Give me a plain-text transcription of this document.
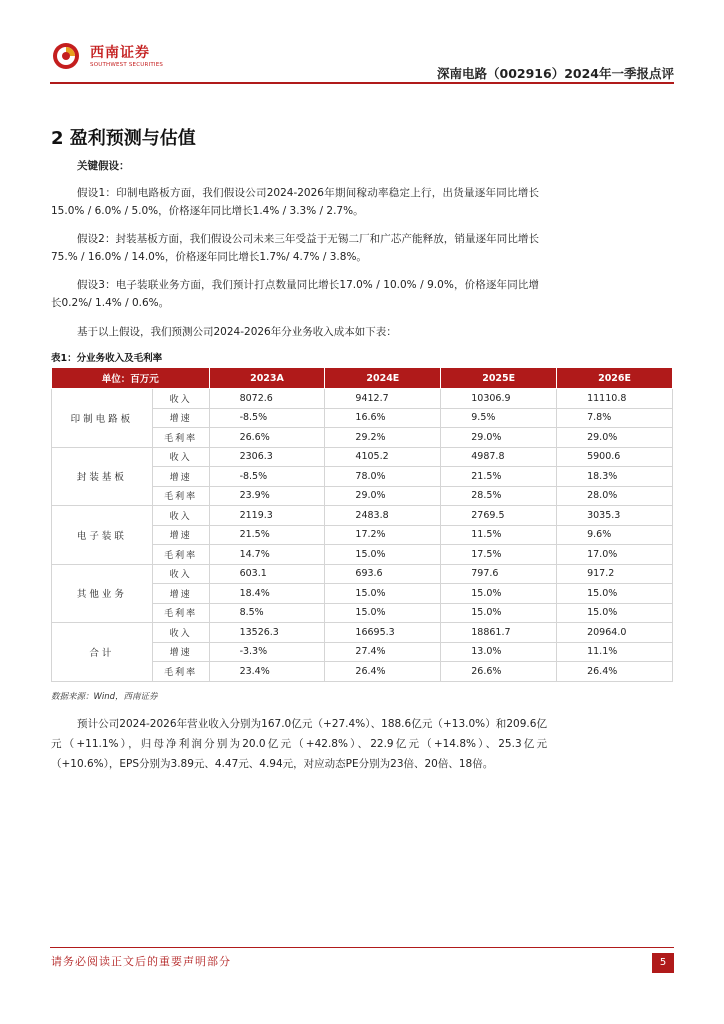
西南证券
SOUTHWEST SECURITIES
深南电路（002916）2024年一季报点评
2 盈利预测与估值
关键假设：
假设1：印制电路板方面，我们假设公司2024-2026年期间稼动率稳定上行，出货量逐年同比增长15.0% / 6.0% / 5.0%，价格逐年同比增长1.4% / 3.3% / 2.7%。
假设2：封装基板方面，我们假设公司未来三年受益于无锡二厂和广芯产能释放，销量逐年同比增长75.% / 16.0% / 14.0%，价格逐年同比增长1.7%/ 4.7% / 3.8%。
假设3：电子装联业务方面，我们预计打点数量同比增长17.0% / 10.0% / 9.0%，价格逐年同比增长0.2%/ 1.4% / 0.6%。
基于以上假设，我们预测公司2024-2026年分业务收入成本如下表：
表1：分业务收入及毛利率
单位：百万元		2023A	2024E	2025E	2026E
印制电路板	收入	8072.6	9412.7	10306.9	11110.8
	增速	-8.5%	16.6%	9.5%	7.8%
	毛利率	26.6%	29.2%	29.0%	29.0%
封装基板	收入	2306.3	4105.2	4987.8	5900.6
	增速	-8.5%	78.0%	21.5%	18.3%
	毛利率	23.9%	29.0%	28.5%	28.0%
电子装联	收入	2119.3	2483.8	2769.5	3035.3
	增速	21.5%	17.2%	11.5%	9.6%
	毛利率	14.7%	15.0%	17.5%	17.0%
其他业务	收入	603.1	693.6	797.6	917.2
	增速	18.4%	15.0%	15.0%	15.0%
	毛利率	8.5%	15.0%	15.0%	15.0%
合计	收入	13526.3	16695.3	18861.7	20964.0
	增速	-3.3%	27.4%	13.0%	11.1%
	毛利率	23.4%	26.4%	26.6%	26.4%
数据来源：Wind，西南证券
预计公司2024-2026年营业收入分别为167.0亿元（+27.4%）、188.6亿元（+13.0%）和209.6亿元（+11.1%），归母净利润分别为20.0亿元（+42.8%）、22.9亿元（+14.8%）、25.3亿元（+10.6%），EPS分别为3.89元、4.47元、4.94元，对应动态PE分别为23倍、20倍、18倍。
请务必阅读正文后的重要声明部分	5
